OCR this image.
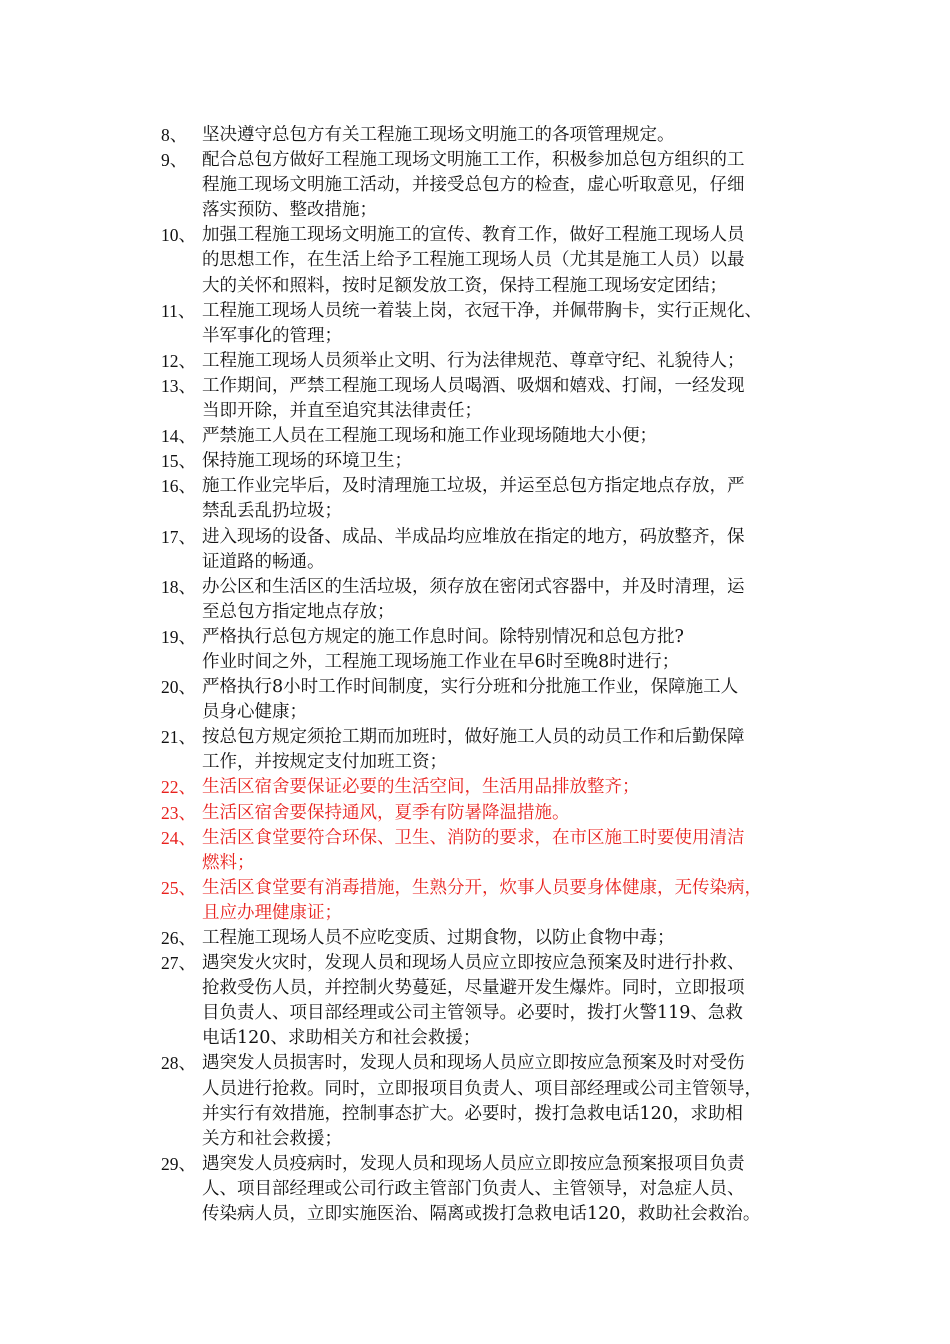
8、 坚决遵守总包方有关工程施工现场文明施工的各项管理规定。
9、 配合总包方做好工程施工现场文明施工工作，积极参加总包方组织的工
程施工现场文明施工活动，并接受总包方的检查，虚心听取意见，仔细
落实预防、整改措施；
10、 加强工程施工现场文明施工的宣传、教育工作，做好工程施工现场人员
的思想工作，在生活上给予工程施工现场人员（尤其是施工人员）以最
大的关怀和照料，按时足额发放工资，保持工程施工现场安定团结；
11、 工程施工现场人员统一着装上岗，衣冠干净，并佩带胸卡，实行正规化、
半军事化的管理；
12、 工程施工现场人员须举止文明、行为法律规范、尊章守纪、礼貌待人；
13、 工作期间，严禁工程施工现场人员喝酒、吸烟和嬉戏、打闹，一经发现
当即开除，并直至追究其法律责任；
14、 严禁施工人员在工程施工现场和施工作业现场随地大小便；
15、 保持施工现场的环境卫生；
16、 施工作业完毕后，及时清理施工垃圾，并运至总包方指定地点存放，严
禁乱丢乱扔垃圾；
17、 进入现场的设备、成品、半成品均应堆放在指定的地方，码放整齐，保
证道路的畅通。
18、 办公区和生活区的生活垃圾，须存放在密闭式容器中，并及时清理，运
至总包方指定地点存放；
19、 严格执行总包方规定的施工作息时间。除特别情况和总包方批?
作业时间之外，工程施工现场施工作业在早6时至晚8时进行；
20、 严格执行8小时工作时间制度，实行分班和分批施工作业，保障施工人
员身心健康；
21、 按总包方规定须抢工期而加班时，做好施工人员的动员工作和后勤保障
工作，并按规定支付加班工资；
22、 生活区宿舍要保证必要的生活空间，生活用品排放整齐；
23、 生活区宿舍要保持通风，夏季有防暑降温措施。
24、 生活区食堂要符合环保、卫生、消防的要求，在市区施工时要使用清洁
燃料；
25、 生活区食堂要有消毒措施，生熟分开，炊事人员要身体健康，无传染病，
且应办理健康证；
26、 工程施工现场人员不应吃变质、过期食物，以防止食物中毒；
27、 遇突发火灾时，发现人员和现场人员应立即按应急预案及时进行扑救、
抢救受伤人员，并控制火势蔓延，尽量避开发生爆炸。同时，立即报项
目负责人、项目部经理或公司主管领导。必要时，拨打火警119、急救
电话120、求助相关方和社会救援；
28、 遇突发人员损害时，发现人员和现场人员应立即按应急预案及时对受伤
人员进行抢救。同时，立即报项目负责人、项目部经理或公司主管领导，
并实行有效措施，控制事态扩大。必要时，拨打急救电话120，求助相
关方和社会救援；
29、 遇突发人员疫病时，发现人员和现场人员应立即按应急预案报项目负责
人、项目部经理或公司行政主管部门负责人、主管领导，对急症人员、
传染病人员，立即实施医治、隔离或拨打急救电话120，救助社会救治。
